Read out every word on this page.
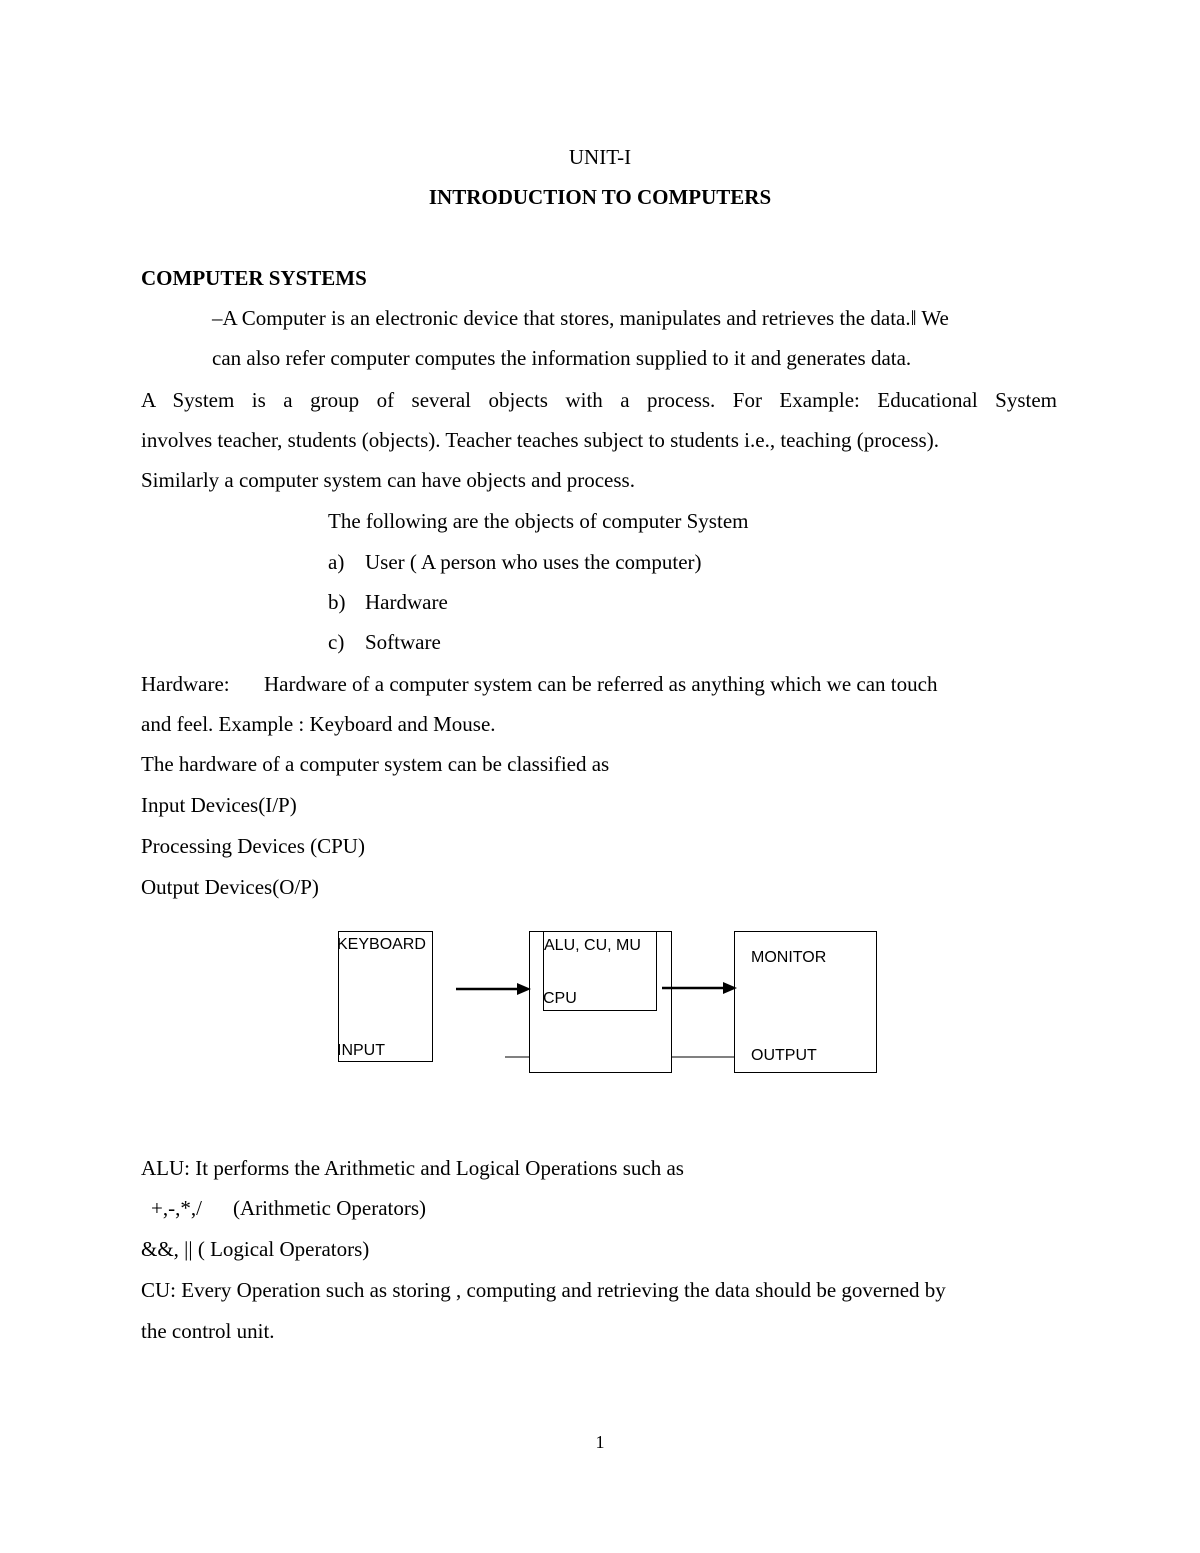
UNIT-I
INTRODUCTION TO COMPUTERS
COMPUTER SYSTEMS
–A Computer is an electronic device that stores, manipulates and retrieves the data.‖ We
can also refer computer computes the information supplied to it and generates data.
A System is a group of several objects with a process. For Example: Educational System
involves teacher, students (objects). Teacher teaches subject to students i.e., teaching (process).
Similarly a computer system can have objects and process.
The following are the objects of computer System
a) User ( A person who uses the computer)
b) Hardware
c) Software
Hardware: Hardware of a computer system can be referred as anything which we can touch
and feel. Example : Keyboard and Mouse.
The hardware of a computer system can be classified as
Input Devices(I/P)
Processing Devices (CPU)
Output Devices(O/P)
KEYBOARD
INPUT
ALU, CU, MU
CPU
MONITOR
OUTPUT
ALU: It performs the Arithmetic and Logical Operations such as
+,-,*,/ (Arithmetic Operators)
&&, || ( Logical Operators)
CU: Every Operation such as storing , computing and retrieving the data should be governed by
the control unit.
1
